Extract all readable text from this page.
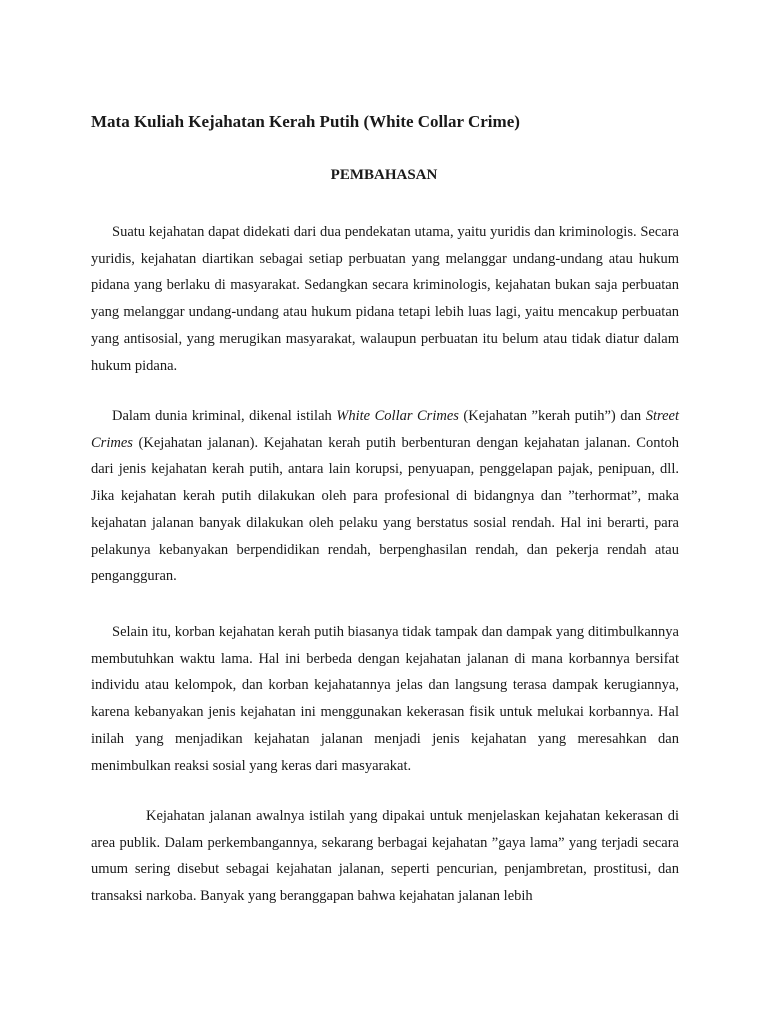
Mata Kuliah Kejahatan Kerah Putih (White Collar Crime)
PEMBAHASAN

Suatu kejahatan dapat didekati dari dua pendekatan utama, yaitu yuridis dan kriminologis. Secara yuridis, kejahatan diartikan sebagai setiap perbuatan yang melanggar undang-undang atau hukum pidana yang berlaku di masyarakat. Sedangkan secara kriminologis, kejahatan bukan saja perbuatan yang melanggar undang-undang atau hukum pidana tetapi lebih luas lagi, yaitu mencakup perbuatan yang antisosial, yang merugikan masyarakat, walaupun perbuatan itu belum atau tidak diatur dalam hukum pidana.

Dalam dunia kriminal, dikenal istilah White Collar Crimes (Kejahatan ”kerah putih”) dan Street Crimes (Kejahatan jalanan). Kejahatan kerah putih berbenturan dengan kejahatan jalanan. Contoh dari jenis kejahatan kerah putih, antara lain korupsi, penyuapan, penggelapan pajak, penipuan, dll. Jika kejahatan kerah putih dilakukan oleh para profesional di bidangnya dan ”terhormat”, maka kejahatan jalanan banyak dilakukan oleh pelaku yang berstatus sosial rendah. Hal ini berarti, para pelakunya kebanyakan berpendidikan rendah, berpenghasilan rendah, dan pekerja rendah atau pengangguran.

Selain itu, korban kejahatan kerah putih biasanya tidak tampak dan dampak yang ditimbulkannya membutuhkan waktu lama. Hal ini berbeda dengan kejahatan jalanan di mana korbannya bersifat individu atau kelompok, dan korban kejahatannya jelas dan langsung terasa dampak kerugiannya, karena kebanyakan jenis kejahatan ini menggunakan kekerasan fisik untuk melukai korbannya. Hal inilah yang menjadikan kejahatan jalanan menjadi jenis kejahatan yang meresahkan dan menimbulkan reaksi sosial yang keras dari masyarakat.

Kejahatan jalanan awalnya istilah yang dipakai untuk menjelaskan kejahatan kekerasan di area publik. Dalam perkembangannya, sekarang berbagai kejahatan ”gaya lama” yang terjadi secara umum sering disebut sebagai kejahatan jalanan, seperti pencurian, penjambretan, prostitusi, dan transaksi narkoba. Banyak yang beranggapan bahwa kejahatan jalanan lebih
